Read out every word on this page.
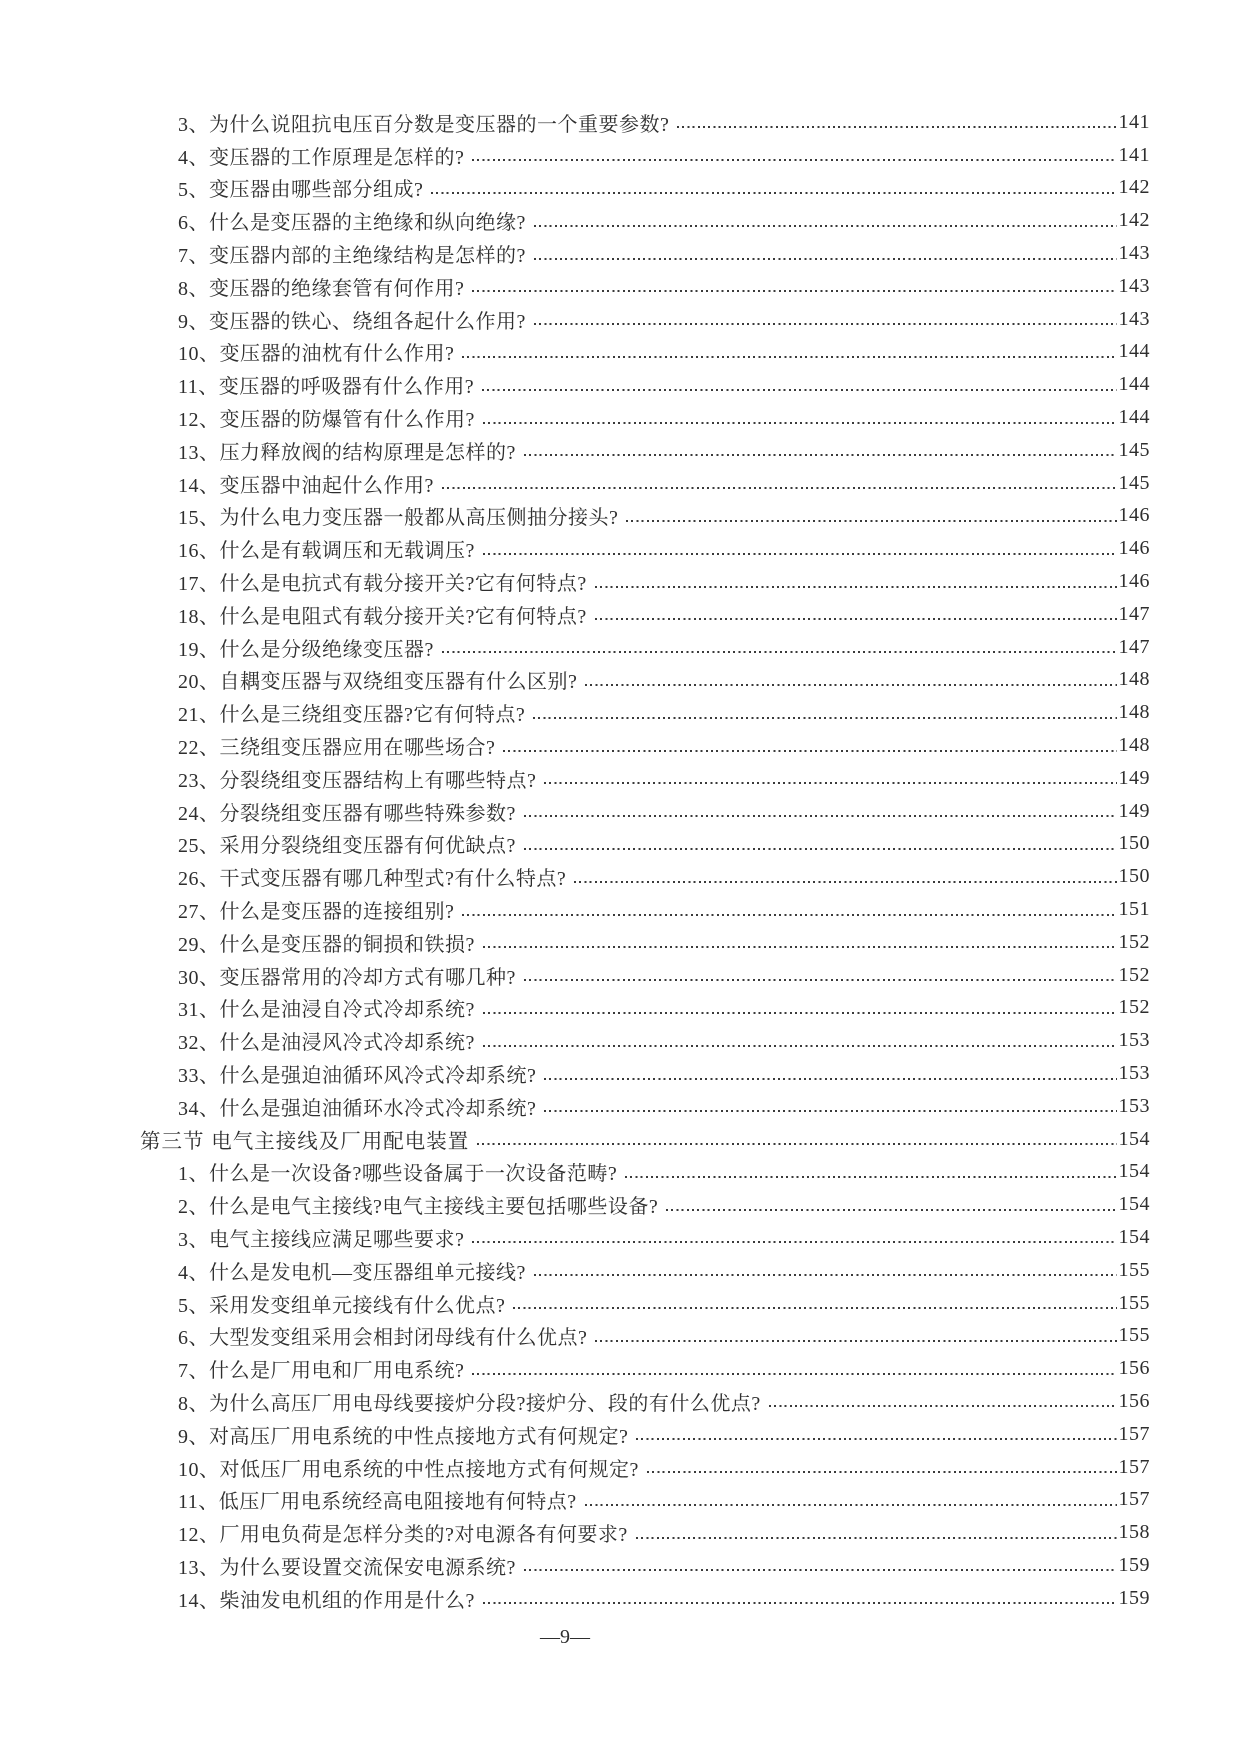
3、为什么说阻抗电压百分数是变压器的一个重要参数?	141
4、变压器的工作原理是怎样的?	141
5、变压器由哪些部分组成?	142
6、什么是变压器的主绝缘和纵向绝缘?	142
7、变压器内部的主绝缘结构是怎样的?	143
8、变压器的绝缘套管有何作用?	143
9、变压器的铁心、绕组各起什么作用?	143
10、变压器的油枕有什么作用?	144
11、变压器的呼吸器有什么作用?	144
12、变压器的防爆管有什么作用?	144
13、压力释放阀的结构原理是怎样的?	145
14、变压器中油起什么作用?	145
15、为什么电力变压器一般都从高压侧抽分接头?	146
16、什么是有载调压和无载调压?	146
17、什么是电抗式有载分接开关?它有何特点?	146
18、什么是电阻式有载分接开关?它有何特点?	147
19、什么是分级绝缘变压器?	147
20、自耦变压器与双绕组变压器有什么区别?	148
21、什么是三绕组变压器?它有何特点?	148
22、三绕组变压器应用在哪些场合?	148
23、分裂绕组变压器结构上有哪些特点?	149
24、分裂绕组变压器有哪些特殊参数?	149
25、采用分裂绕组变压器有何优缺点?	150
26、干式变压器有哪几种型式?有什么特点?	150
27、什么是变压器的连接组别?	151
29、什么是变压器的铜损和铁损?	152
30、变压器常用的冷却方式有哪几种?	152
31、什么是油浸自冷式冷却系统?	152
32、什么是油浸风冷式冷却系统?	153
33、什么是强迫油循环风冷式冷却系统?	153
34、什么是强迫油循环水冷式冷却系统?	153
第三节 电气主接线及厂用配电装置	154
1、什么是一次设备?哪些设备属于一次设备范畴?	154
2、什么是电气主接线?电气主接线主要包括哪些设备?	154
3、电气主接线应满足哪些要求?	154
4、什么是发电机—变压器组单元接线?	155
5、采用发变组单元接线有什么优点?	155
6、大型发变组采用会相封闭母线有什么优点?	155
7、什么是厂用电和厂用电系统?	156
8、为什么高压厂用电母线要接炉分段?接炉分、段的有什么优点?	156
9、对高压厂用电系统的中性点接地方式有何规定?	157
10、对低压厂用电系统的中性点接地方式有何规定?	157
11、低压厂用电系统经高电阻接地有何特点?	157
12、厂用电负荷是怎样分类的?对电源各有何要求?	158
13、为什么要设置交流保安电源系统?	159
14、柴油发电机组的作用是什么?	159
—9—
